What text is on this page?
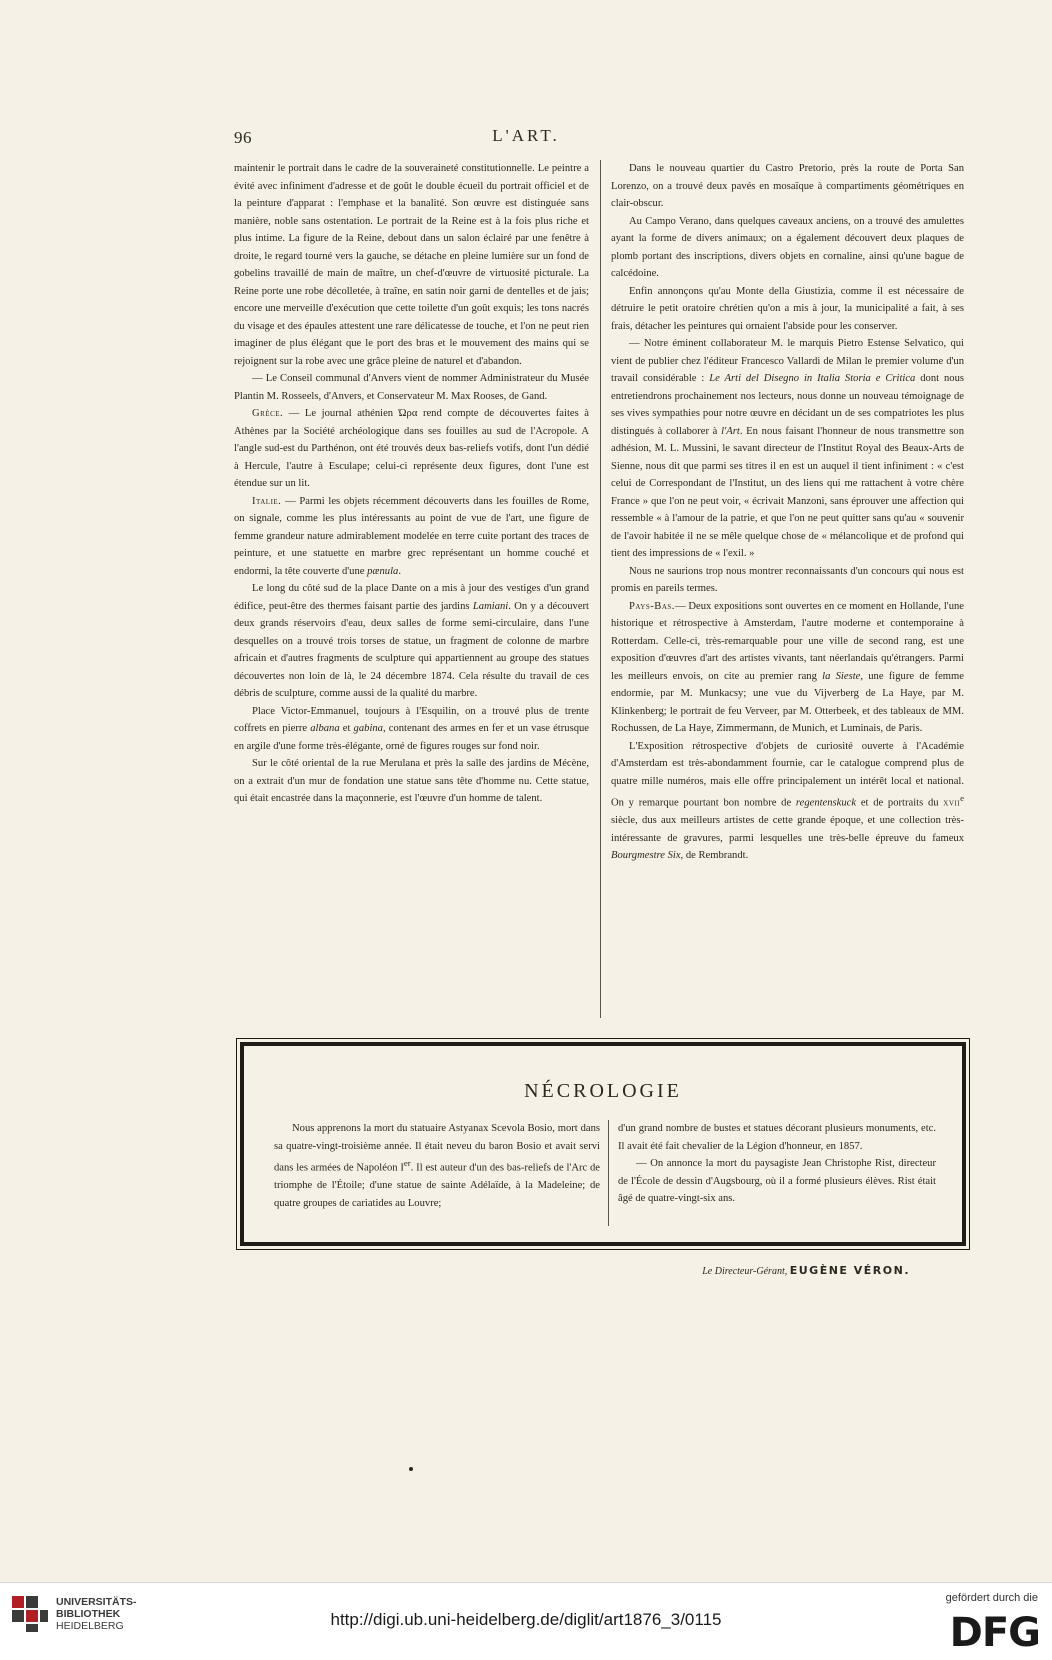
96	L'ART.

maintenir le portrait dans le cadre de la souveraineté constitutionnelle. Le peintre a évité avec infiniment d'adresse et de goût le double écueil du portrait officiel et de la peinture d'apparat : l'emphase et la banalité. Son œuvre est distinguée sans manière, noble sans ostentation. Le portrait de la Reine est à la fois plus riche et plus intime. La figure de la Reine, debout dans un salon éclairé par une fenêtre à droite, le regard tourné vers la gauche, se détache en pleine lumière sur un fond de gobelins travaillé de main de maître, un chef-d'œuvre de virtuosité picturale. La Reine porte une robe décolletée, à traîne, en satin noir garni de dentelles et de jais; encore une merveille d'exécution que cette toilette d'un goût exquis; les tons nacrés du visage et des épaules attestent une rare délicatesse de touche, et l'on ne peut rien imaginer de plus élégant que le port des bras et le mouvement des mains qui se rejoignent sur la robe avec une grâce pleine de naturel et d'abandon.

— Le Conseil communal d'Anvers vient de nommer Administrateur du Musée Plantin M. Rosseels, d'Anvers, et Conservateur M. Max Rooses, de Gand.

Grèce. — Le journal athénien Ώρα rend compte de découvertes faites à Athènes par la Société archéologique dans ses fouilles au sud de l'Acropole. A l'angle sud-est du Parthénon, ont été trouvés deux bas-reliefs votifs, dont l'un dédié à Hercule, l'autre à Esculape; celui-ci représente deux figures, dont l'une est étendue sur un lit.

Italie. — Parmi les objets récemment découverts dans les fouilles de Rome, on signale, comme les plus intéressants au point de vue de l'art, une figure de femme grandeur nature admirablement modelée en terre cuite portant des traces de peinture, et une statuette en marbre grec représentant un homme couché et endormi, la tête couverte d'une pænula.

Le long du côté sud de la place Dante on a mis à jour des vestiges d'un grand édifice, peut-être des thermes faisant partie des jardins Lamiani. On y a découvert deux grands réservoirs d'eau, deux salles de forme semi-circulaire, dans l'une desquelles on a trouvé trois torses de statue, un fragment de colonne de marbre africain et d'autres fragments de sculpture qui appartiennent au groupe des statues découvertes non loin de là, le 24 décembre 1874. Cela résulte du travail de ces débris de sculpture, comme aussi de la qualité du marbre.

Place Victor-Emmanuel, toujours à l'Esquilin, on a trouvé plus de trente coffrets en pierre albana et gabina, contenant des armes en fer et un vase étrusque en argile d'une forme très-élégante, orné de figures rouges sur fond noir.

Sur le côté oriental de la rue Merulana et près la salle des jardins de Mécène, on a extrait d'un mur de fondation une statue sans tête d'homme nu. Cette statue, qui était encastrée dans la maçonnerie, est l'œuvre d'un homme de talent.

Dans le nouveau quartier du Castro Pretorio, près la route de Porta San Lorenzo, on a trouvé deux pavés en mosaïque à compartiments géométriques en clair-obscur.

Au Campo Verano, dans quelques caveaux anciens, on a trouvé des amulettes ayant la forme de divers animaux; on a également découvert deux plaques de plomb portant des inscriptions, divers objets en cornaline, ainsi qu'une bague de calcédoine.

Enfin annonçons qu'au Monte della Giustizia, comme il est nécessaire de détruire le petit oratoire chrétien qu'on a mis à jour, la municipalité a fait, à ses frais, détacher les peintures qui ornaient l'abside pour les conserver.

— Notre éminent collaborateur M. le marquis Pietro Estense Selvatico, qui vient de publier chez l'éditeur Francesco Vallardi de Milan le premier volume d'un travail considérable : Le Arti del Disegno in Italia Storia e Critica dont nous entretiendrons prochainement nos lecteurs, nous donne un nouveau témoignage de ses vives sympathies pour notre œuvre en décidant un de ses compatriotes les plus distingués à collaborer à l'Art. En nous faisant l'honneur de nous transmettre son adhésion, M. L. Mussini, le savant directeur de l'Institut Royal des Beaux-Arts de Sienne, nous dit que parmi ses titres il en est un auquel il tient infiniment : « c'est celui de Correspondant de l'Institut, un des liens qui me rattachent à votre chère France » que l'on ne peut voir, « écrivait Manzoni, sans éprouver une affection qui ressemble « à l'amour de la patrie, et que l'on ne peut quitter sans qu'au « souvenir de l'avoir habitée il ne se mêle quelque chose de « mélancolique et de profond qui tient des impressions de « l'exil. »

Nous ne saurions trop nous montrer reconnaissants d'un concours qui nous est promis en pareils termes.

Pays-Bas.— Deux expositions sont ouvertes en ce moment en Hollande, l'une historique et rétrospective à Amsterdam, l'autre moderne et contemporaine à Rotterdam. Celle-ci, très-remarquable pour une ville de second rang, est une exposition d'œuvres d'art des artistes vivants, tant néerlandais qu'étrangers. Parmi les meilleurs envois, on cite au premier rang la Sieste, une figure de femme endormie, par M. Munkacsy; une vue du Vijverberg de La Haye, par M. Klinkenberg; le portrait de feu Verveer, par M. Otterbeek, et des tableaux de MM. Rochussen, de La Haye, Zimmermann, de Munich, et Luminais, de Paris.

L'Exposition rétrospective d'objets de curiosité ouverte à l'Académie d'Amsterdam est très-abondamment fournie, car le catalogue comprend plus de quatre mille numéros, mais elle offre principalement un intérêt local et national. On y remarque pourtant bon nombre de regentenskuck et de portraits du xvii$^e$ siècle, dus aux meilleurs artistes de cette grande époque, et une collection très-intéressante de gravures, parmi lesquelles une très-belle épreuve du fameux Bourgmestre Six, de Rembrandt.

NÉCROLOGIE

Nous apprenons la mort du statuaire Astyanax Scevola Bosio, mort dans sa quatre-vingt-troisième année. Il était neveu du baron Bosio et avait servi dans les armées de Napoléon Ier. Il est auteur d'un des bas-reliefs de l'Arc de triomphe de l'Étoile; d'une statue de sainte Adélaïde, à la Madeleine; de quatre groupes de cariatides au Louvre;

d'un grand nombre de bustes et statues décorant plusieurs monuments, etc. Il avait été fait chevalier de la Légion d'honneur, en 1857.

— On annonce la mort du paysagiste Jean Christophe Rist, directeur de l'École de dessin d'Augsbourg, où il a formé plusieurs élèves. Rist était âgé de quatre-vingt-six ans.

Le Directeur-Gérant, EUGÈNE VÉRON.
UNIVERSITÄTS-
BIBLIOTHEK
HEIDELBERG	http://digi.ub.uni-heidelberg.de/diglit/art1876_3/0115
gefördert durch die
DFG
